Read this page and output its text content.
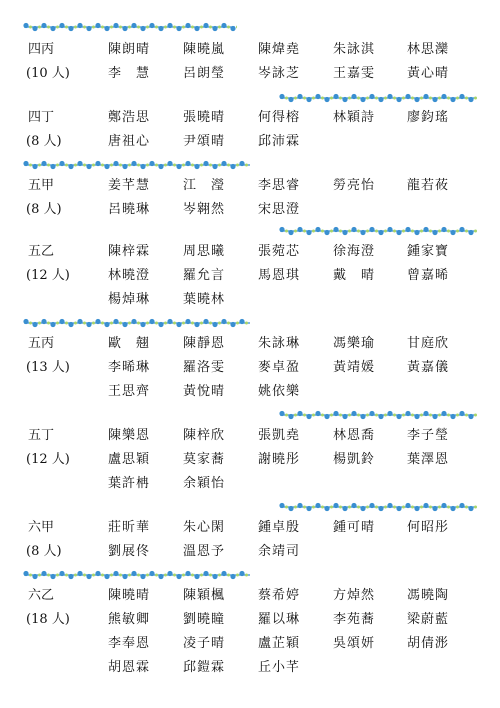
四丙
(10 人)
陳朗晴	陳曉嵐	陳煒堯	朱詠淇 林思灤
李　慧	呂朗瑩	岑詠芝	王嘉雯 黃心晴
四丁
(8 人)
鄭浩思	張曉晴	何得榕	林穎詩 廖鈞瑤
唐祖心	尹頌晴	邱沛霖
五甲
(8 人)
姜芊慧	江　瀅	李思睿	勞亮怡 龍若莜
呂曉琳	岑翱然	宋思澄
五乙
(12 人)
陳梓霖	周思曦	張菀芯	徐海澄 鍾家寶
林曉澄	羅允言	馬恩琪	戴　晴 曾嘉晞
楊焯琳	葉曉林
五丙
(13 人)
歐　翹	陳靜恩	朱詠琳	馮樂瑜 甘庭欣
李晞琳	羅洛雯	麥卓盈	黃靖媛 黃嘉儀
王思齊	黃悅晴	姚依樂
五丁
(12 人)
陳樂恩	陳梓欣	張凱堯	林恩喬 李子瑩
盧思穎	莫家蕎	謝曉彤	楊凱鈴 葉澤恩
葉許柟	余穎怡
六甲
(8 人)
莊昕華	朱心閑	鍾卓殷	鍾可晴 何昭彤
劉展佟	溫恩予	余靖司
六乙
(18 人)
陳曉晴	陳穎楓	蔡希婷	方焯然 馮曉陶
熊敏卿	劉曉瞳	羅以琳	李苑蕎 梁蔚藍
李奉恩	凌子晴	盧芷穎	吳頌妍 胡倩浵
胡恩霖	邱鎧霖	丘小芊
